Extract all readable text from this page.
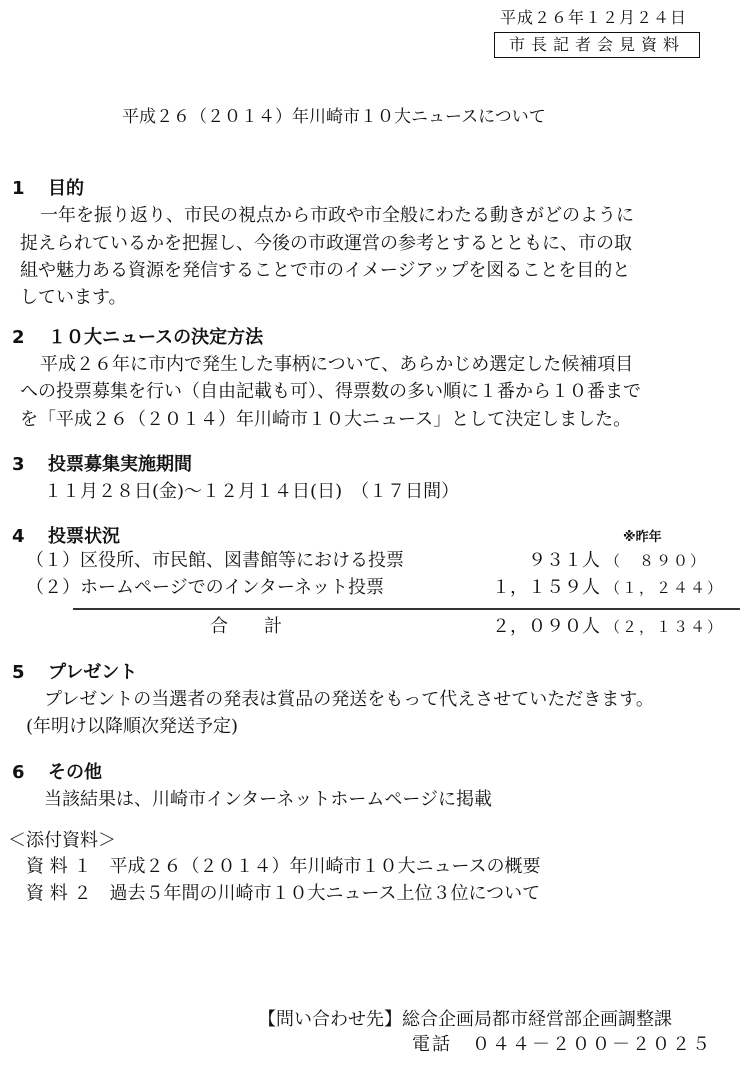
平成２６年１２月２４日
市長記者会見資料
平成２６（２０１４）年川崎市１０大ニュースについて
1 目的
一年を振り返り、市民の視点から市政や市全般にわたる動きがどのように
捉えられているかを把握し、今後の市政運営の参考とするとともに、市の取
組や魅力ある資源を発信することで市のイメージアップを図ることを目的と
しています。
2 １０大ニュースの決定方法
平成２６年に市内で発生した事柄について、あらかじめ選定した候補項目
への投票募集を行い（自由記載も可）、得票数の多い順に１番から１０番まで
を「平成２６（２０１４）年川崎市１０大ニュース」として決定しました。
3 投票募集実施期間
１１月２８日(金)～１２月１４日(日)　（１７日間）
4 投票状況	※昨年
（１）区役所、市民館、図書館等における投票	９３１人 （　８９０）
（２）ホームページでのインターネット投票	１，１５９人 （１，２４４）
合　　計	２，０９０人 （２，１３４）
5 プレゼント
プレゼントの当選者の発表は賞品の発送をもって代えさせていただきます。
(年明け以降順次発送予定)
6 その他
当該結果は、川崎市インターネットホームページに掲載
＜添付資料＞
資 料 １　平成２６（２０１４）年川崎市１０大ニュースの概要
資 料 ２　過去５年間の川崎市１０大ニュース上位３位について
【問い合わせ先】総合企画局都市経営部企画調整課
電話　０４４－２００－２０２５
